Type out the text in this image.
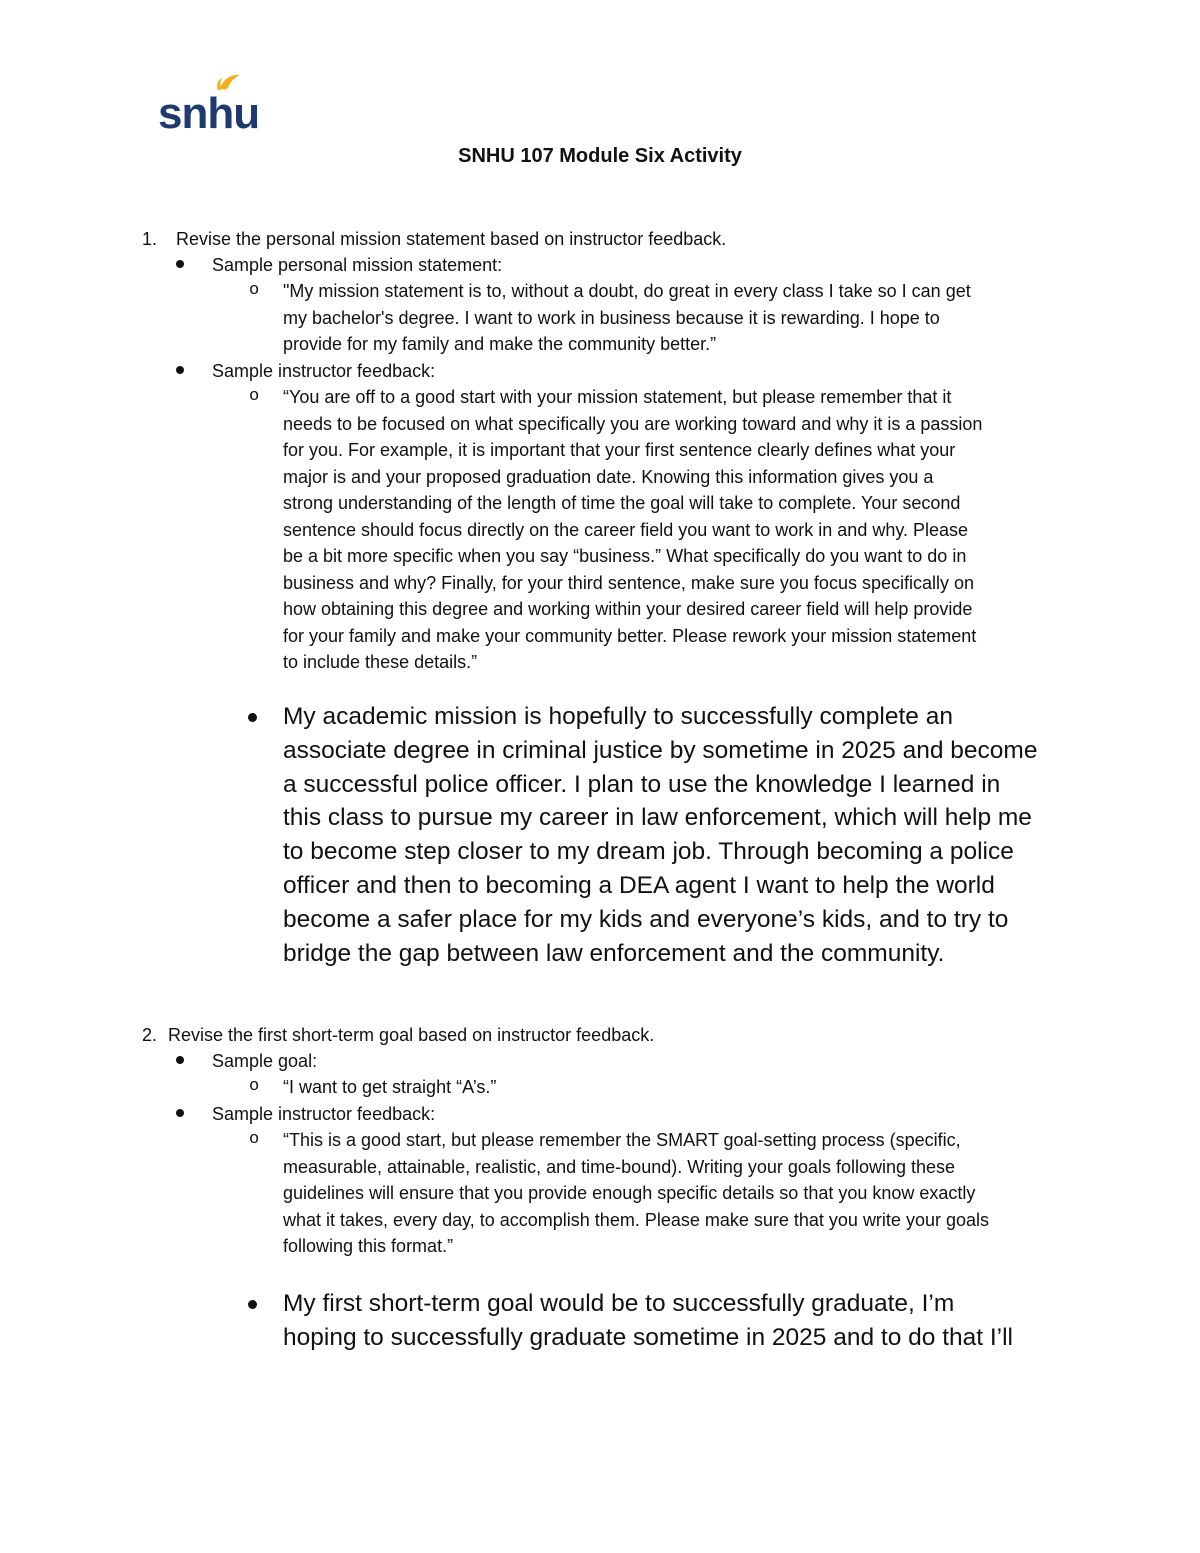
snhu
SNHU 107 Module Six Activity
1. Revise the personal mission statement based on instructor feedback.
Sample personal mission statement:
o "My mission statement is to, without a doubt, do great in every class I take so I can get
my bachelor's degree. I want to work in business because it is rewarding. I hope to
provide for my family and make the community better.”
Sample instructor feedback:
o “You are off to a good start with your mission statement, but please remember that it
needs to be focused on what specifically you are working toward and why it is a passion
for you. For example, it is important that your first sentence clearly defines what your
major is and your proposed graduation date. Knowing this information gives you a
strong understanding of the length of time the goal will take to complete. Your second
sentence should focus directly on the career field you want to work in and why. Please
be a bit more specific when you say “business.” What specifically do you want to do in
business and why? Finally, for your third sentence, make sure you focus specifically on
how obtaining this degree and working within your desired career field will help provide
for your family and make your community better. Please rework your mission statement
to include these details.”
My academic mission is hopefully to successfully complete an
associate degree in criminal justice by sometime in 2025 and become
a successful police officer. I plan to use the knowledge I learned in
this class to pursue my career in law enforcement, which will help me
to become step closer to my dream job. Through becoming a police
officer and then to becoming a DEA agent I want to help the world
become a safer place for my kids and everyone’s kids, and to try to
bridge the gap between law enforcement and the community.
2. Revise the first short-term goal based on instructor feedback.
Sample goal:
o “I want to get straight “A’s.”
Sample instructor feedback:
o “This is a good start, but please remember the SMART goal-setting process (specific,
measurable, attainable, realistic, and time-bound). Writing your goals following these
guidelines will ensure that you provide enough specific details so that you know exactly
what it takes, every day, to accomplish them. Please make sure that you write your goals
following this format.”
My first short-term goal would be to successfully graduate, I’m
hoping to successfully graduate sometime in 2025 and to do that I’ll
